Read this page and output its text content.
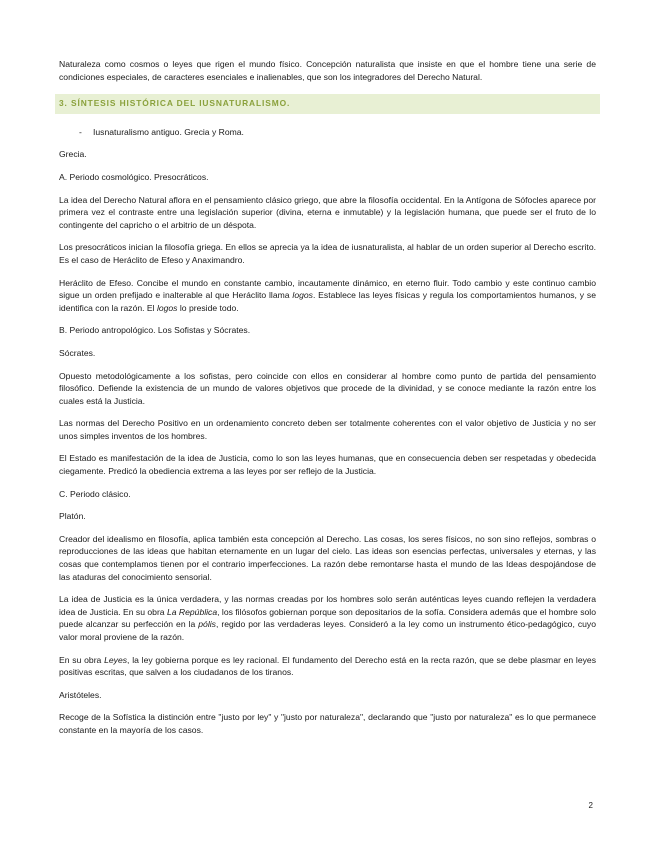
Naturaleza como cosmos o leyes que rigen el mundo físico. Concepción naturalista que insiste en que el hombre tiene una serie de condiciones especiales, de caracteres esenciales e inalienables, que son los integradores del Derecho Natural.

3. SÍNTESIS HISTÓRICA DEL IUSNATURALISMO.
-	Iusnaturalismo antiguo. Grecia y Roma.

Grecia.

A. Periodo cosmológico. Presocráticos.

La idea del Derecho Natural aflora en el pensamiento clásico griego, que abre la filosofía occidental. En la Antígona de Sófocles aparece por primera vez el contraste entre una legislación superior (divina, eterna e inmutable) y la legislación humana, que puede ser el fruto de lo contingente del capricho o el arbitrio de un déspota.

Los presocráticos inician la filosofía griega. En ellos se aprecia ya la idea de iusnaturalista, al hablar de un orden superior al Derecho escrito. Es el caso de Heráclito de Efeso y Anaximandro.

Heráclito de Efeso. Concibe el mundo en constante cambio, incautamente dinámico, en eterno fluir. Todo cambio y este continuo cambio sigue un orden prefijado e inalterable al que Heráclito llama logos. Establece las leyes físicas y regula los comportamientos humanos, y se identifica con la razón. El logos lo preside todo.

B. Periodo antropológico. Los Sofistas y Sócrates.

Sócrates.

Opuesto metodológicamente a los sofistas, pero coincide con ellos en considerar al hombre como punto de partida del pensamiento filosófico. Defiende la existencia de un mundo de valores objetivos que procede de la divinidad, y se conoce mediante la razón entre los cuales está la Justicia.

Las normas del Derecho Positivo en un ordenamiento concreto deben ser totalmente coherentes con el valor objetivo de Justicia y no ser unos simples inventos de los hombres.

El Estado es manifestación de la idea de Justicia, como lo son las leyes humanas, que en consecuencia deben ser respetadas y obedecida ciegamente. Predicó la obediencia extrema a las leyes por ser reflejo de la Justicia.

C. Periodo clásico.

Platón.

Creador del idealismo en filosofía, aplica también esta concepción al Derecho. Las cosas, los seres físicos, no son sino reflejos, sombras o reproducciones de las ideas que habitan eternamente en un lugar del cielo. Las ideas son esencias perfectas, universales y eternas, y las cosas que contemplamos tienen por el contrario imperfecciones. La razón debe remontarse hasta el mundo de las Ideas despojándose de las ataduras del conocimiento sensorial.

La idea de Justicia es la única verdadera, y las normas creadas por los hombres solo serán auténticas leyes cuando reflejen la verdadera idea de Justicia. En su obra La República, los filósofos gobiernan porque son depositarios de la sofía. Considera además que el hombre solo puede alcanzar su perfección en la pólis, regido por las verdaderas leyes. Consideró a la ley como un instrumento ético-pedagógico, cuyo valor moral proviene de la razón.

En su obra Leyes, la ley gobierna porque es ley racional. El fundamento del Derecho está en la recta razón, que se debe plasmar en leyes positivas escritas, que salven a los ciudadanos de los tiranos.

Aristóteles.

Recoge de la Sofística la distinción entre "justo por ley" y "justo por naturaleza", declarando que "justo por naturaleza" es lo que permanece constante en la mayoría de los casos.

2
